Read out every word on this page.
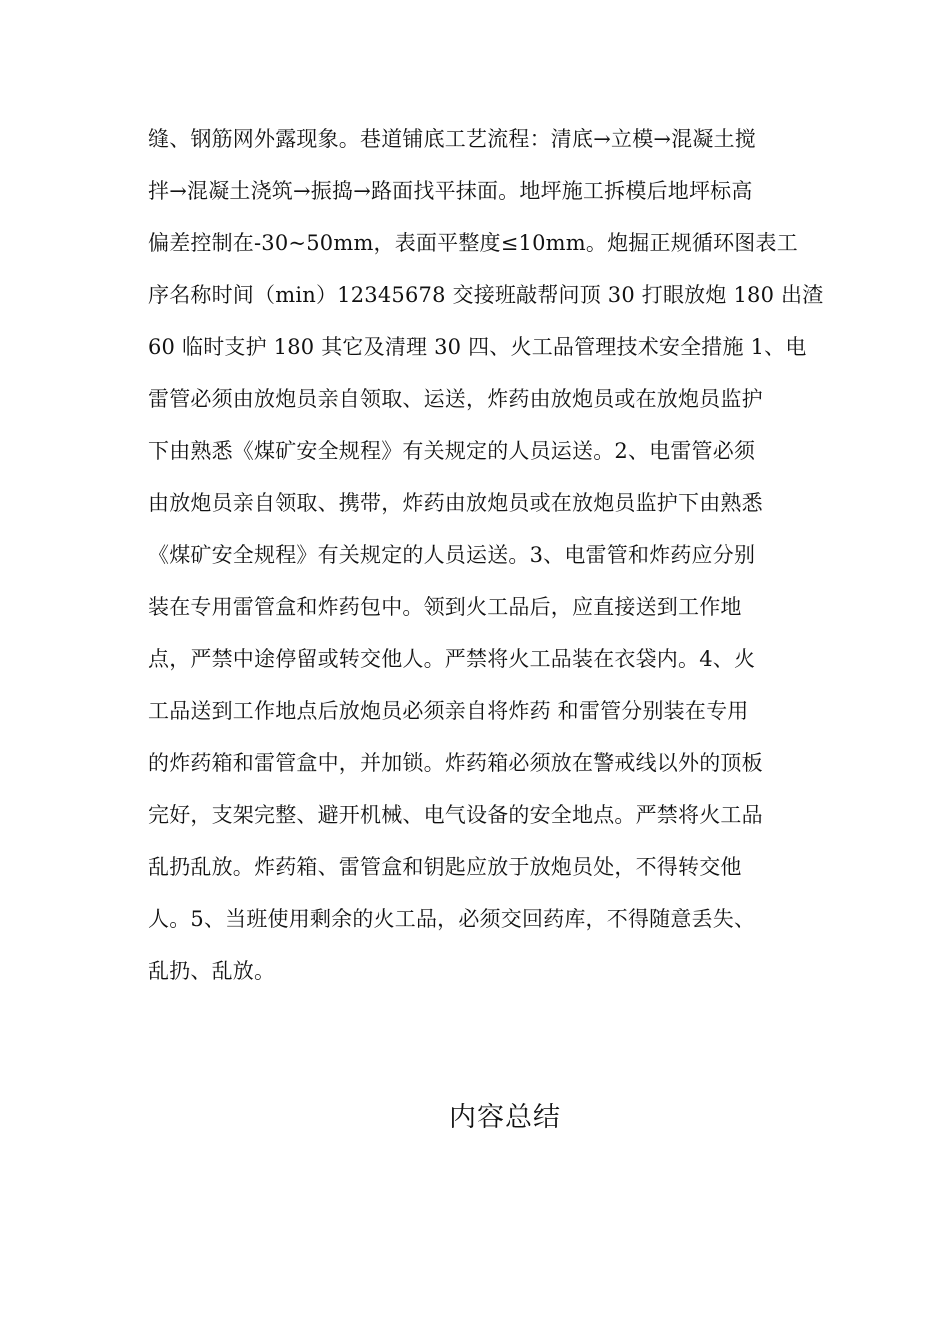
缝、钢筋网外露现象。巷道铺底工艺流程：清底→立模→混凝土搅
拌→混凝土浇筑→振捣→路面找平抹面。地坪施工拆模后地坪标高
偏差控制在-30~50mm，表面平整度≤10mm。炮掘正规循环图表工
序名称时间（min）12345678 交接班敲帮问顶 30 打眼放炮 180 出渣
60 临时支护 180 其它及清理 30 四、火工品管理技术安全措施 1、电
雷管必须由放炮员亲自领取、运送，炸药由放炮员或在放炮员监护
下由熟悉《煤矿安全规程》有关规定的人员运送。2、电雷管必须
由放炮员亲自领取、携带，炸药由放炮员或在放炮员监护下由熟悉
《煤矿安全规程》有关规定的人员运送。3、电雷管和炸药应分别
装在专用雷管盒和炸药包中。领到火工品后，应直接送到工作地
点，严禁中途停留或转交他人。严禁将火工品装在衣袋内。4、火
工品送到工作地点后放炮员必须亲自将炸药 和雷管分别装在专用
的炸药箱和雷管盒中，并加锁。炸药箱必须放在警戒线以外的顶板
完好，支架完整、避开机械、电气设备的安全地点。严禁将火工品
乱扔乱放。炸药箱、雷管盒和钥匙应放于放炮员处，不得转交他
人。5、当班使用剩余的火工品，必须交回药库，不得随意丢失、
乱扔、乱放。
内容总结
